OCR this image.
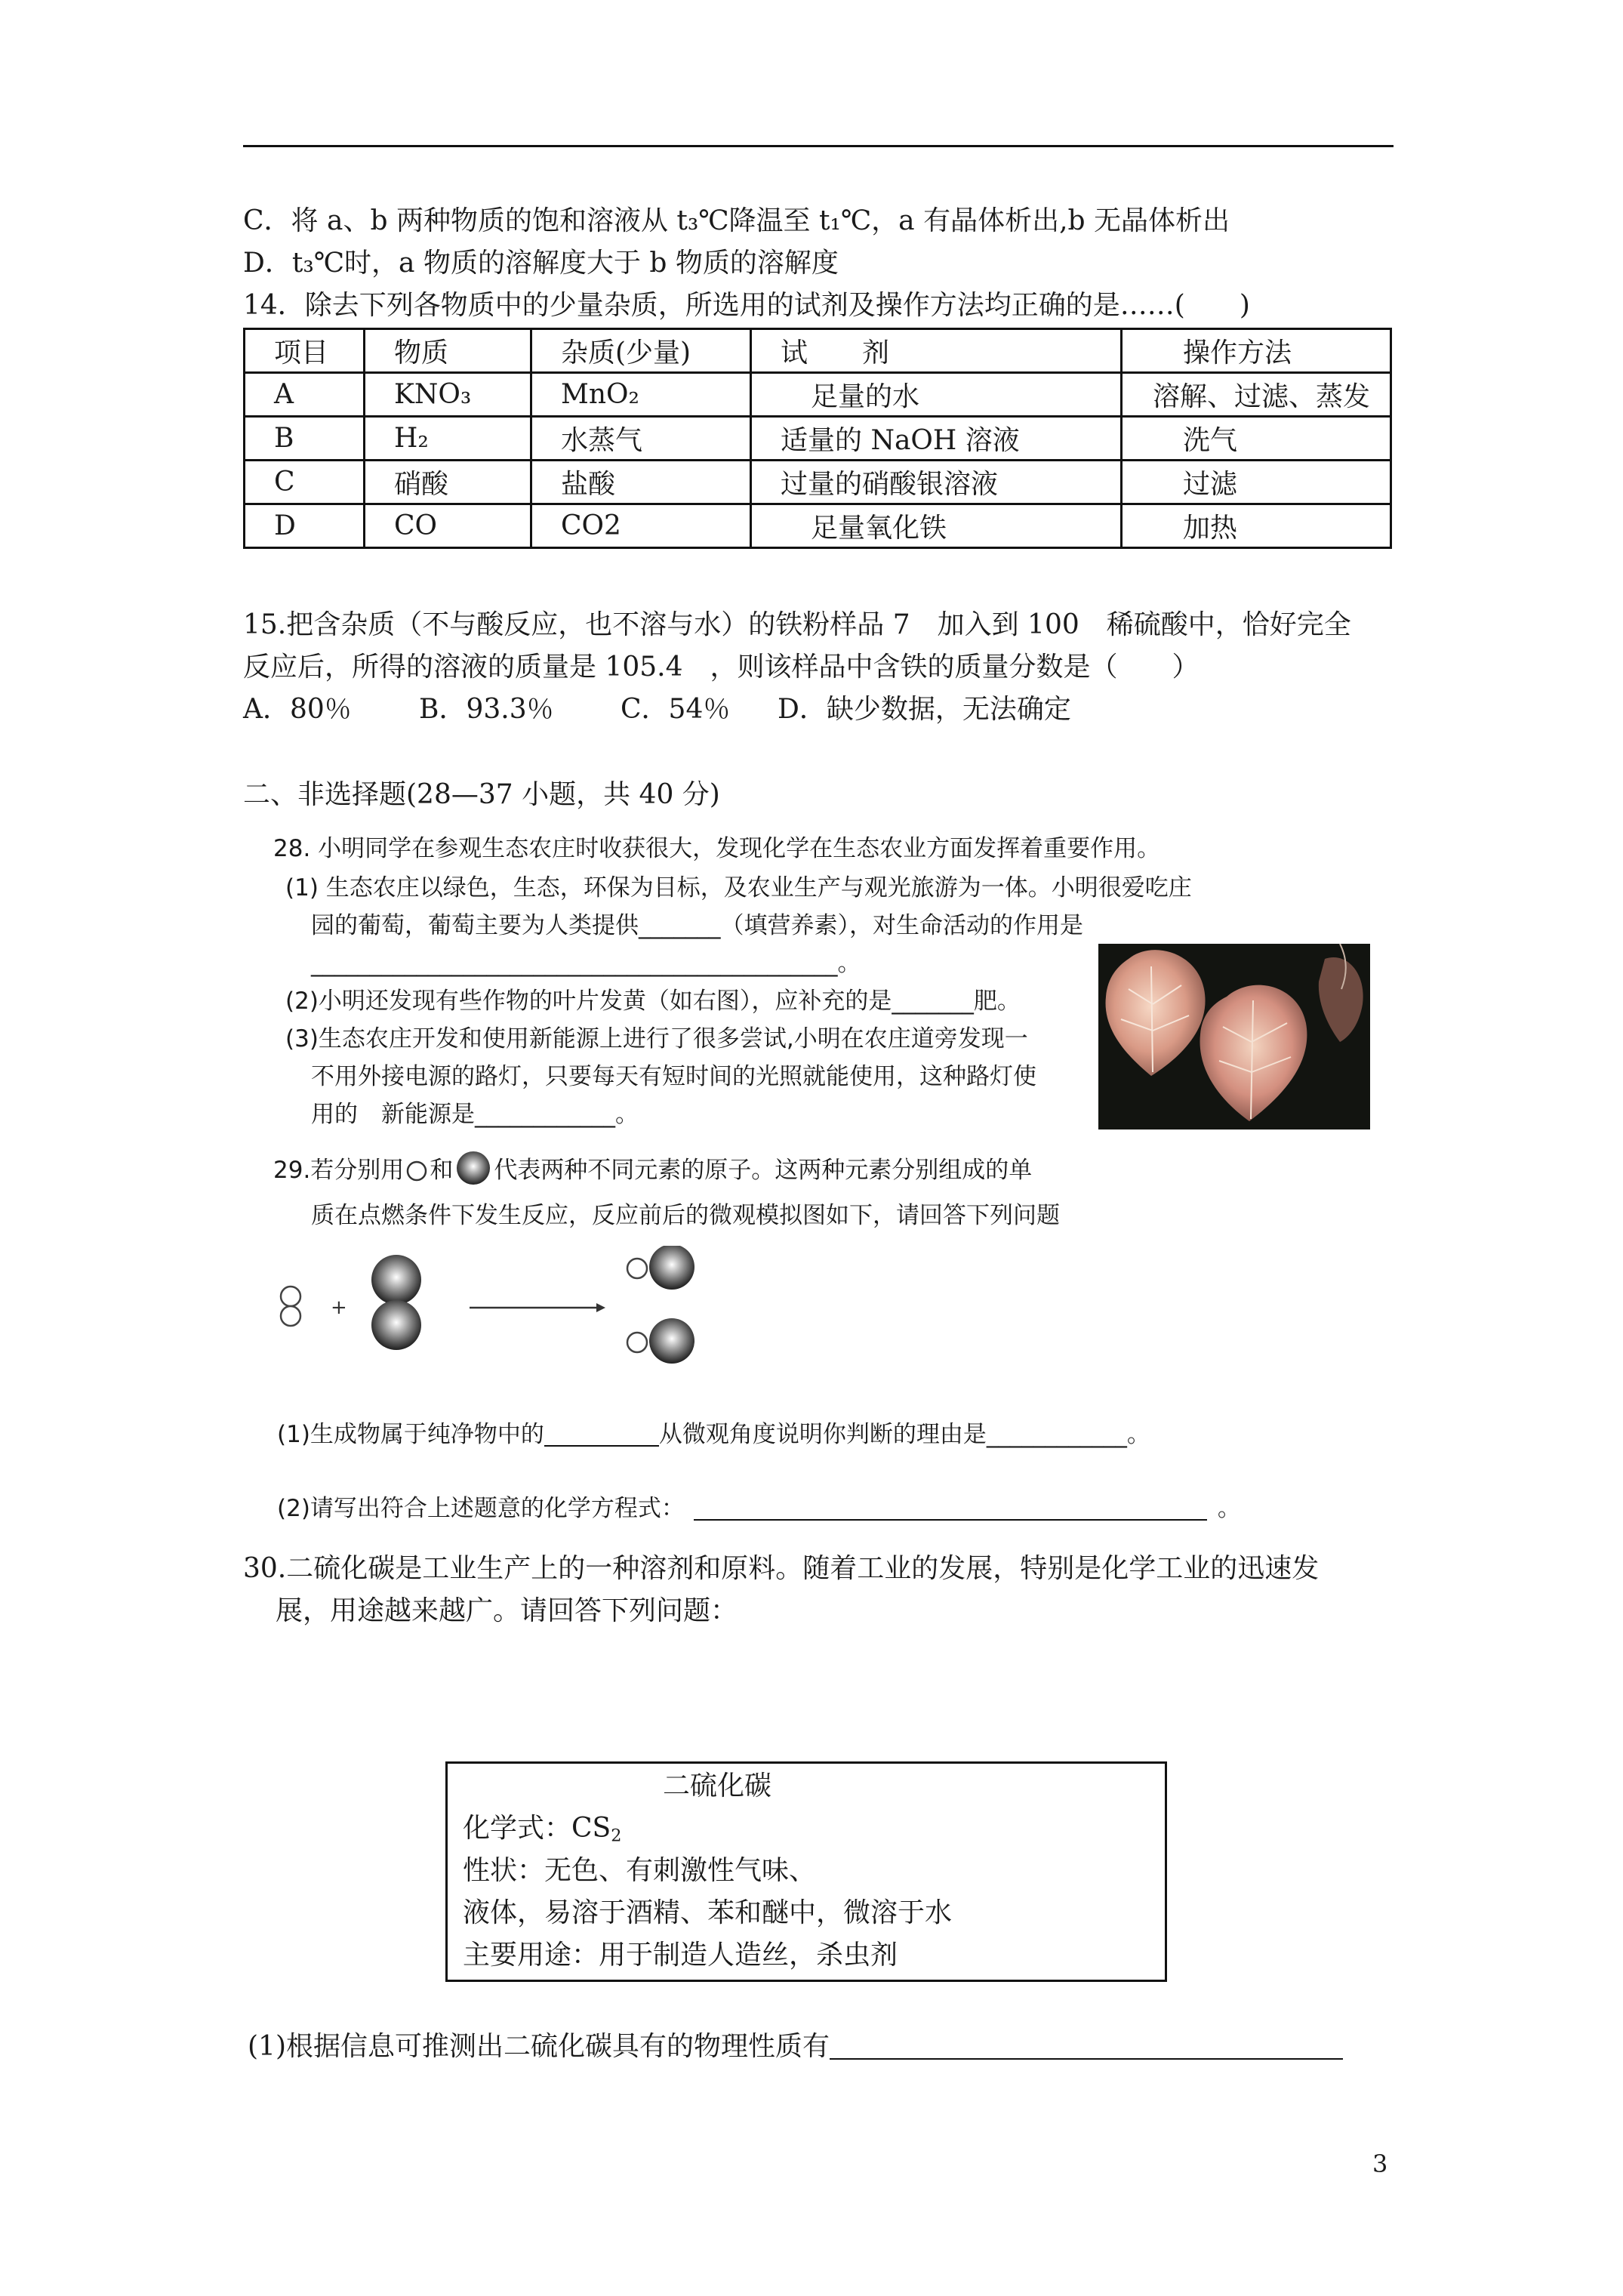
C．将 a、b 两种物质的饱和溶液从 t₃℃降温至 t₁℃，a 有晶体析出,b 无晶体析出
D．t₃℃时，a 物质的溶解度大于 b 物质的溶解度
14．除去下列各物质中的少量杂质，所选用的试剂及操作方法均正确的是……(　　)
项目	物质	杂质(少量)	试　　剂	操作方法
A	KNO₃	MnO₂	足量的水	溶解、过滤、蒸发
B	H₂	水蒸气	适量的 NaOH 溶液	洗气
C	硝酸	盐酸	过量的硝酸银溶液	过滤
D	CO	CO2	足量氧化铁	加热
15.把含杂质（不与酸反应，也不溶与水）的铁粉样品 7　加入到 100　稀硫酸中，恰好完全
反应后，所得的溶液的质量是 105.4　，则该样品中含铁的质量分数是（　　）
A．80％ B．93.3％ C．54％ D．缺少数据，无法确定
二、非选择题(28—37 小题，共 40 分)
28. 小明同学在参观生态农庄时收获很大，发现化学在生态农业方面发挥着重要作用。
(1) 生态农庄以绿色，生态，环保为目标，及农业生产与观光旅游为一体。小明很爱吃庄
园的葡萄，葡萄主要为人类提供_______（填营养素），对生命活动的作用是
_____________________________________________。
(2)小明还发现有些作物的叶片发黄（如右图），应补充的是_______肥。
(3)生态农庄开发和使用新能源上进行了很多尝试,小明在农庄道旁发现一
不用外接电源的路灯，只要每天有短时间的光照就能使用，这种路灯使
用的　新能源是____________。
29.若分别用 和 代表两种不同元素的原子。这两种元素分别组成的单
质在点燃条件下发生反应，反应前后的微观模拟图如下，请回答下列问题
+
(1)生成物属于纯净物中的	从微观角度说明你判断的理由是____________。
(2)请写出符合上述题意的化学方程式：	。
30.二硫化碳是工业生产上的一种溶剂和原料。随着工业的发展，特别是化学工业的迅速发
展，用途越来越广。请回答下列问题：
二硫化碳
化学式：$CS_2$
性状：无色、有刺激性气味、
液体，易溶于酒精、苯和醚中，微溶于水
主要用途：用于制造人造丝，杀虫剂
(1)根据信息可推测出二硫化碳具有的物理性质有
3
